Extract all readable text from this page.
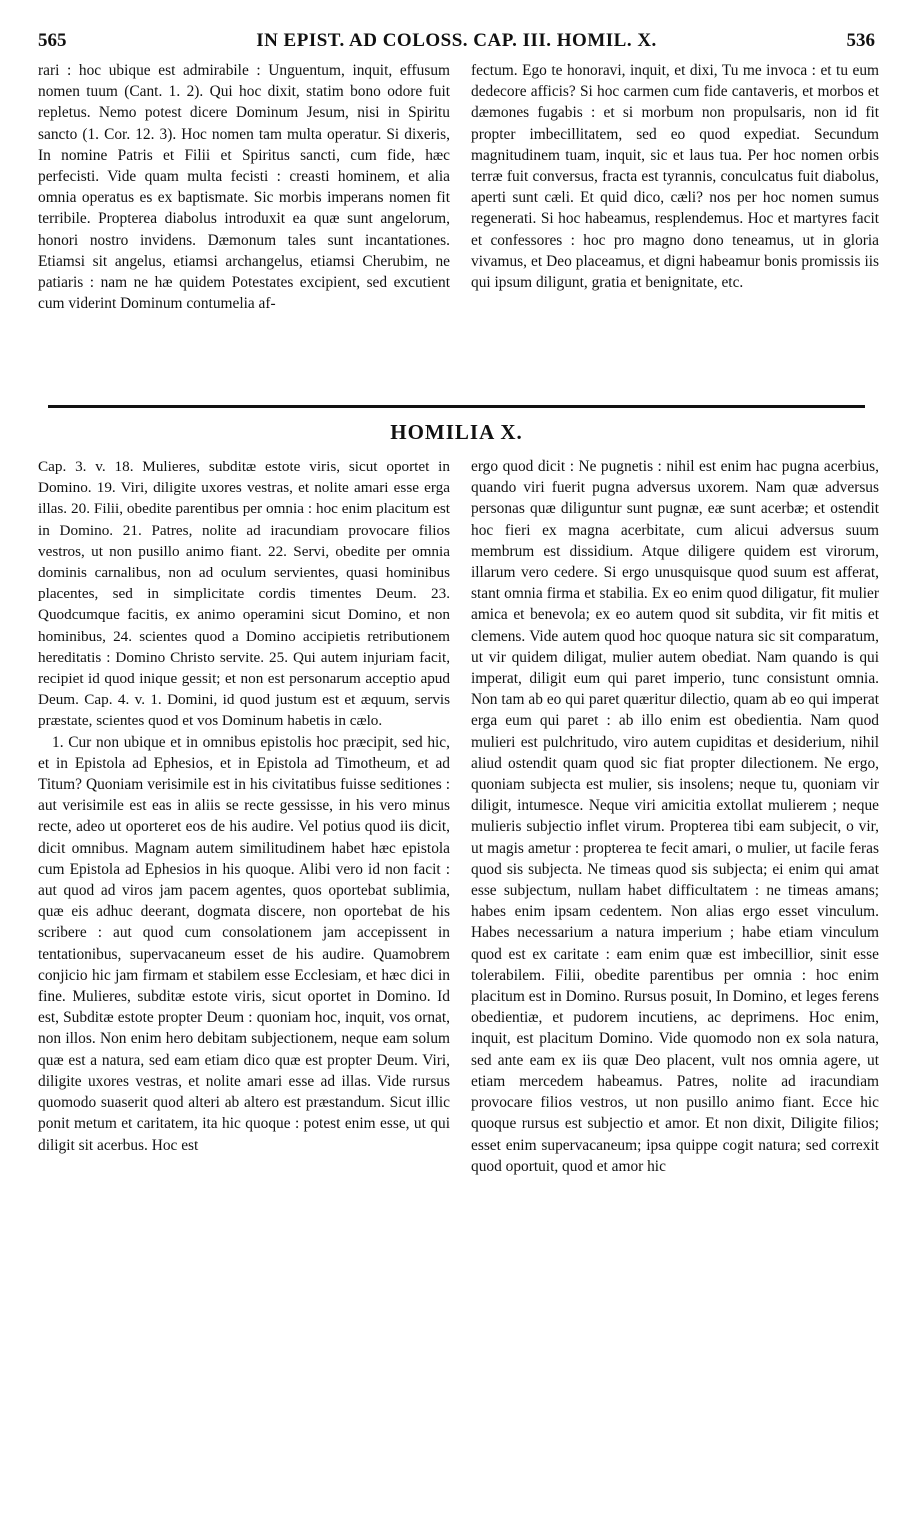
565	IN EPIST. AD COLOSS. CAP. III. HOMIL. X.	536

rari : hoc ubique est admirabile : Unguentum, inquit, effusum nomen tuum (Cant. 1. 2). Qui hoc dixit, statim bono odore fuit repletus. Nemo potest dicere Dominum Jesum, nisi in Spiritu sancto (1. Cor. 12. 3). Hoc nomen tam multa operatur. Si dixeris, In nomine Patris et Filii et Spiritus sancti, cum fide, hæc perfecisti. Vide quam multa fecisti : creasti hominem, et alia omnia operatus es ex baptismate. Sic morbis imperans nomen fit terribile. Propterea diabolus introduxit ea quæ sunt angelorum, honori nostro invidens. Dæmonum tales sunt incantationes. Etiamsi sit angelus, etiamsi archangelus, etiamsi Cherubim, ne patiaris : nam ne hæ quidem Potestates excipient, sed excutient cum viderint Dominum contumelia af-

fectum. Ego te honoravi, inquit, et dixi, Tu me invoca : et tu eum dedecore afficis? Si hoc carmen cum fide cantaveris, et morbos et dæmones fugabis : et si morbum non propulsaris, non id fit propter imbecillitatem, sed eo quod expediat. Secundum magnitudinem tuam, inquit, sic et laus tua. Per hoc nomen orbis terræ fuit conversus, fracta est tyrannis, conculcatus fuit diabolus, aperti sunt cæli. Et quid dico, cæli? nos per hoc nomen sumus regenerati. Si hoc habeamus, resplendemus. Hoc et martyres facit et confessores : hoc pro magno dono teneamus, ut in gloria vivamus, et Deo placeamus, et digni habeamur bonis promissis iis qui ipsum diligunt, gratia et benignitate, etc.

HOMILIA X.

Cap. 3. v. 18. Mulieres, subditæ estote viris, sicut oportet in Domino. 19. Viri, diligite uxores vestras, et nolite amari esse erga illas. 20. Filii, obedite parentibus per omnia : hoc enim placitum est in Domino. 21. Patres, nolite ad iracundiam provocare filios vestros, ut non pusillo animo fiant. 22. Servi, obedite per omnia dominis carnalibus, non ad oculum servientes, quasi hominibus placentes, sed in simplicitate cordis timentes Deum. 23. Quodcumque facitis, ex animo operamini sicut Domino, et non hominibus, 24. scientes quod a Domino accipietis retributionem hereditatis : Domino Christo servite. 25. Qui autem injuriam facit, recipiet id quod inique gessit; et non est personarum acceptio apud Deum. Cap. 4. v. 1. Domini, id quod justum est et æquum, servis præstate, scientes quod et vos Dominum habetis in cælo.

1. Cur non ubique et in omnibus epistolis hoc præcipit, sed hic, et in Epistola ad Ephesios, et in Epistola ad Timotheum, et ad Titum? Quoniam verisimile est in his civitatibus fuisse seditiones : aut verisimile est eas in aliis se recte gessisse, in his vero minus recte, adeo ut oporteret eos de his audire. Vel potius quod iis dicit, dicit omnibus. Magnam autem similitudinem habet hæc epistola cum Epistola ad Ephesios in his quoque. Alibi vero id non facit : aut quod ad viros jam pacem agentes, quos oportebat sublimia, quæ eis adhuc deerant, dogmata discere, non oportebat de his scribere : aut quod cum consolationem jam accepissent in tentationibus, supervacaneum esset de his audire. Quamobrem conjicio hic jam firmam et stabilem esse Ecclesiam, et hæc dici in fine. Mulieres, subditæ estote viris, sicut oportet in Domino. Id est, Subditæ estote propter Deum : quoniam hoc, inquit, vos ornat, non illos. Non enim hero debitam subjectionem, neque eam solum quæ est a natura, sed eam etiam dico quæ est propter Deum. Viri, diligite uxores vestras, et nolite amari esse ad illas. Vide rursus quomodo suaserit quod alteri ab altero est præstandum. Sicut illic ponit metum et caritatem, ita hic quoque : potest enim esse, ut qui diligit sit acerbus. Hoc est

ergo quod dicit : Ne pugnetis : nihil est enim hac pugna acerbius, quando viri fuerit pugna adversus uxorem. Nam quæ adversus personas quæ diliguntur sunt pugnæ, eæ sunt acerbæ; et ostendit hoc fieri ex magna acerbitate, cum alicui adversus suum membrum est dissidium. Atque diligere quidem est virorum, illarum vero cedere. Si ergo unusquisque quod suum est afferat, stant omnia firma et stabilia. Ex eo enim quod diligatur, fit mulier amica et benevola; ex eo autem quod sit subdita, vir fit mitis et clemens. Vide autem quod hoc quoque natura sic sit comparatum, ut vir quidem diligat, mulier autem obediat. Nam quando is qui imperat, diligit eum qui paret imperio, tunc consistunt omnia. Non tam ab eo qui paret quæritur dilectio, quam ab eo qui imperat erga eum qui paret : ab illo enim est obedientia. Nam quod mulieri est pulchritudo, viro autem cupiditas et desiderium, nihil aliud ostendit quam quod sic fiat propter dilectionem. Ne ergo, quoniam subjecta est mulier, sis insolens; neque tu, quoniam vir diligit, intumesce. Neque viri amicitia extollat mulierem ; neque mulieris subjectio inflet virum. Propterea tibi eam subjecit, o vir, ut magis ametur : propterea te fecit amari, o mulier, ut facile feras quod sis subjecta. Ne timeas quod sis subjecta; ei enim qui amat esse subjectum, nullam habet difficultatem : ne timeas amans; habes enim ipsam cedentem. Non alias ergo esset vinculum. Habes necessarium a natura imperium ; habe etiam vinculum quod est ex caritate : eam enim quæ est imbecillior, sinit esse tolerabilem. Filii, obedite parentibus per omnia : hoc enim placitum est in Domino. Rursus posuit, In Domino, et leges ferens obedientiæ, et pudorem incutiens, ac deprimens. Hoc enim, inquit, est placitum Domino. Vide quomodo non ex sola natura, sed ante eam ex iis quæ Deo placent, vult nos omnia agere, ut etiam mercedem habeamus. Patres, nolite ad iracundiam provocare filios vestros, ut non pusillo animo fiant. Ecce hic quoque rursus est subjectio et amor. Et non dixit, Diligite filios; esset enim supervacaneum; ipsa quippe cogit natura; sed correxit quod oportuit, quod et amor hic
